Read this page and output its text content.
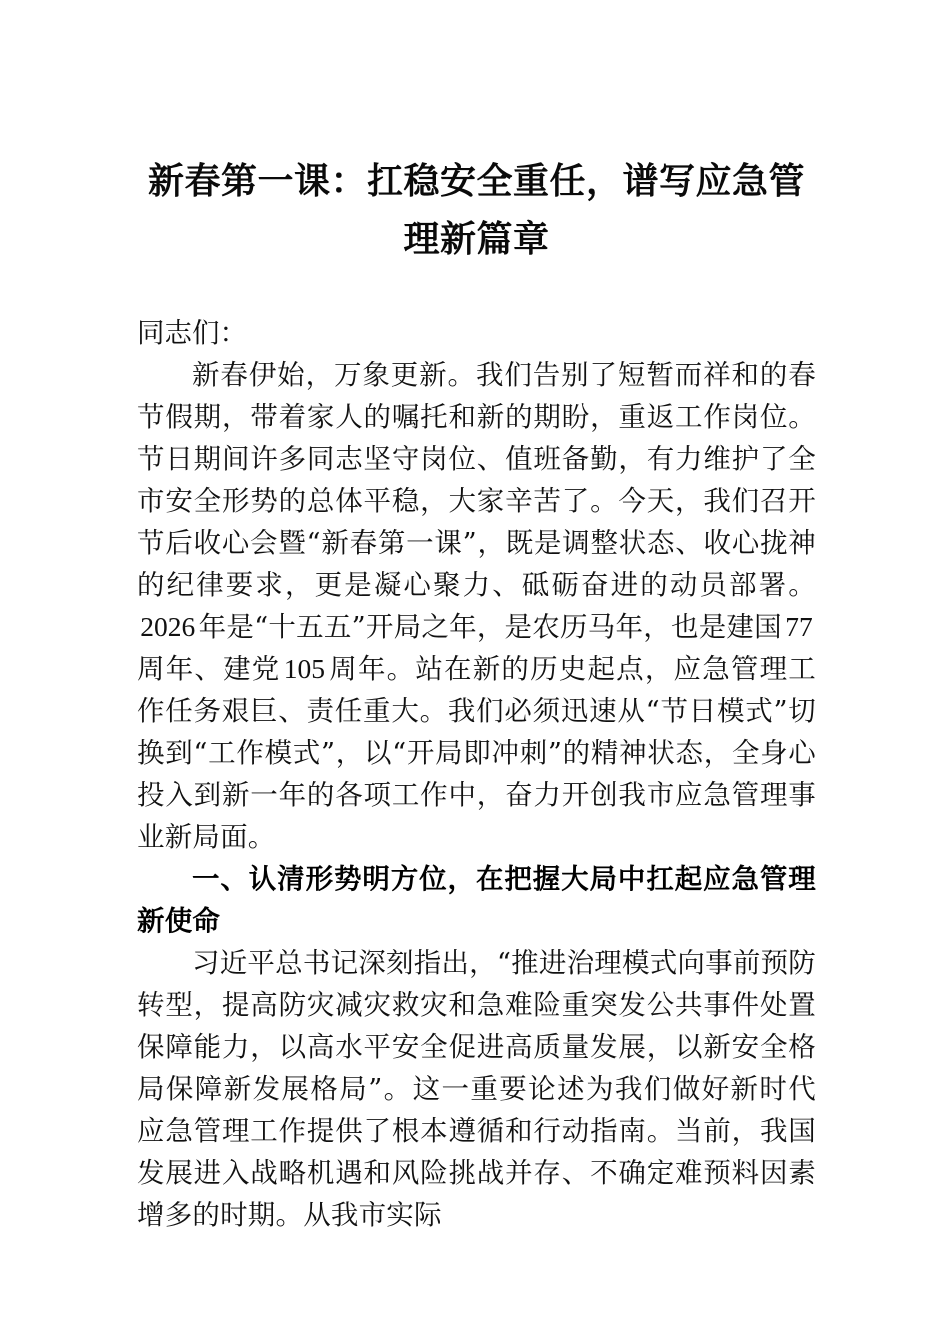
新春第一课：扛稳安全重任，谱写应急管理新篇章

同志们：

新春伊始，万象更新。我们告别了短暂而祥和的春节假期，带着家人的嘱托和新的期盼，重返工作岗位。节日期间许多同志坚守岗位、值班备勤，有力维护了全市安全形势的总体平稳，大家辛苦了。今天，我们召开节后收心会暨“新春第一课”，既是调整状态、收心拢神的纪律要求，更是凝心聚力、砥砺奋进的动员部署。2026 年是“十五五”开局之年，是农历马年，也是建国 77周年、建党 105 周年。站在新的历史起点，应急管理工作任务艰巨、责任重大。我们必须迅速从“节日模式”切换到“工作模式”，以“开局即冲刺”的精神状态，全身心投入到新一年的各项工作中，奋力开创我市应急管理事业新局面。

一、认清形势明方位，在把握大局中扛起应急管理新使命

习近平总书记深刻指出，“推进治理模式向事前预防转型，提高防灾减灾救灾和急难险重突发公共事件处置保障能力，以高水平安全促进高质量发展，以新安全格局保障新发展格局”。这一重要论述为我们做好新时代应急管理工作提供了根本遵循和行动指南。当前，我国发展进入战略机遇和风险挑战并存、不确定难预料因素增多的时期。从我市实际
